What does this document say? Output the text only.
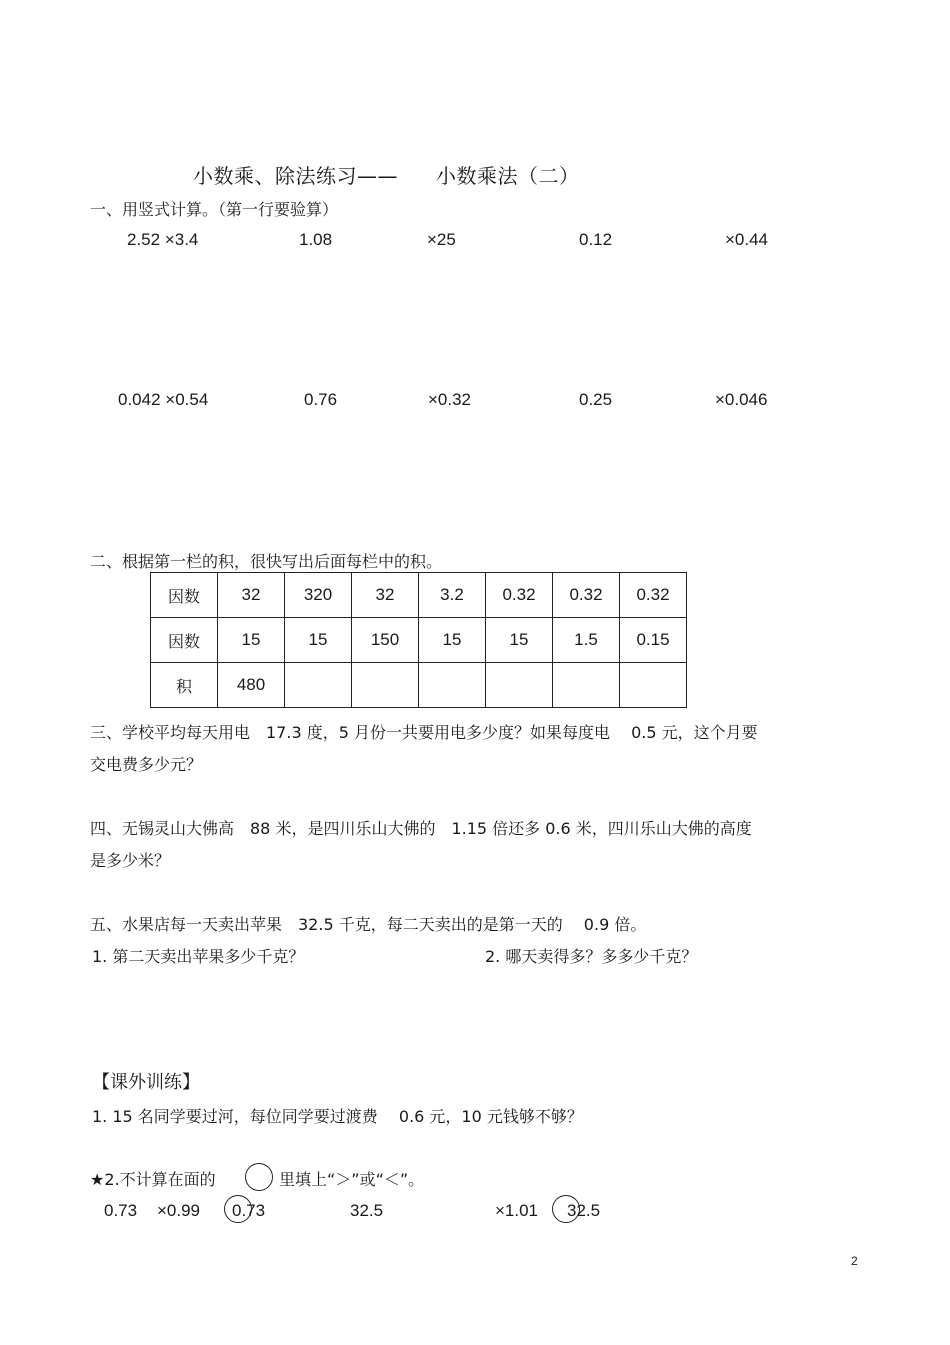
小数乘、除法练习—— 小数乘法（二）
一、用竖式计算。（第一行要验算）
2.52 ×3.4	1.08	×25	0.12	×0.44
0.042 ×0.54	0.76	×0.32	0.25	×0.046
二、根据第一栏的积，很快写出后面每栏中的积。
因数	32	320	32	3.2	0.32	0.32	0.32
因数	15	15	150	15	15	1.5	0.15
积	480						
三、学校平均每天用电　17.3 度，5 月份一共要用电多少度？如果每度电　 0.5 元，这个月要
交电费多少元？
四、无锡灵山大佛高　88 米，是四川乐山大佛的　1.15 倍还多 0.6 米，四川乐山大佛的高度
是多少米？
五、水果店每一天卖出苹果　32.5 千克，每二天卖出的是第一天的　 0.9 倍。
1. 第二天卖出苹果多少千克？	2. 哪天卖得多？多多少千克？
【课外训练】
1. 15 名同学要过河，每位同学要过渡费　 0.6 元，10 元钱够不够？
★2.不计算在面的	里填上“＞”或“＜”。
0.73 ×0.99 0.73	32.5	×1.01 32.5
2
